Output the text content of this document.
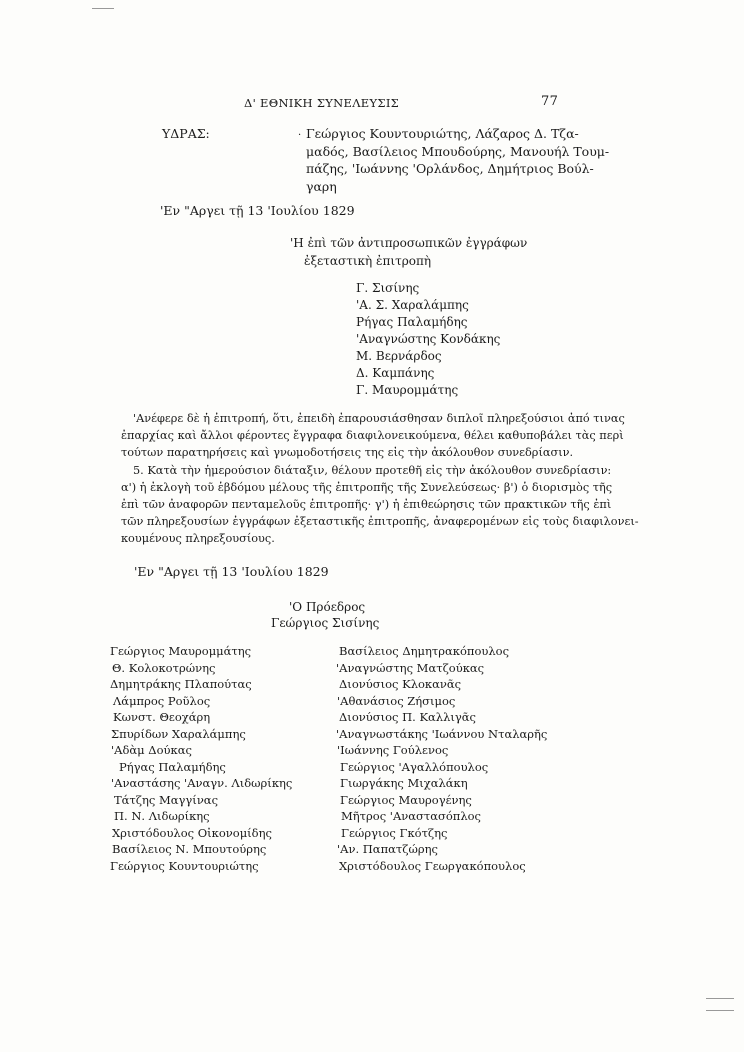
Δ' ΕΘΝΙΚΗ ΣΥΝΕΛΕΥΣΙΣ	77
ΥΔΡΑΣ:	Γεώργιος Κουντουριώτης, Λάζαρος Δ. Τζα-
μαδός, Βασίλειος Μπουδούρης, Μανουήλ Τουμ-
πάζης, 'Ιωάννης 'Ορλάνδος, Δημήτριος Βούλ-
γαρη
·
'Εν "Αργει τῇ 13 'Ιουλίου 1829
'Η ἐπὶ τῶν ἀντιπροσωπικῶν ἐγγράφων
ἐξεταστικὴ ἐπιτροπὴ
Γ. Σισίνης
'Α. Σ. Χαραλάμπης
Ρήγας Παλαμήδης
'Αναγνώστης Κονδάκης
Μ. Βερνάρδος
Δ. Καμπάνης
Γ. Μαυρομμάτης
'Ανέφερε δὲ ἡ ἐπιτροπή, ὅτι, ἐπειδὴ ἐπαρουσιάσθησαν διπλοῖ πληρεξούσιοι ἀπό τινας
ἐπαρχίας καὶ ἄλλοι φέροντες ἔγγραφα διαφιλονεικούμενα, θέλει καθυποβάλει τὰς περὶ
τούτων παρατηρήσεις καὶ γνωμοδοτήσεις της εἰς τὴν ἀκόλουθον συνεδρίασιν.
5. Κατὰ τὴν ἡμερούσιον διάταξιν, θέλουν προτεθῆ εἰς τὴν ἀκόλουθον συνεδρίασιν:
α') ἡ ἐκλογὴ τοῦ ἑβδόμου μέλους τῆς ἐπιτροπῆς τῆς Συνελεύσεως· β') ὁ διορισμὸς τῆς
ἐπὶ τῶν ἀναφορῶν πενταμελοῦς ἐπιτροπῆς· γ') ἡ ἐπιθεώρησις τῶν πρακτικῶν τῆς ἐπὶ
τῶν πληρεξουσίων ἐγγράφων ἐξεταστικῆς ἐπιτροπῆς, ἀναφερομένων εἰς τοὺς διαφιλονει-
κουμένους πληρεξουσίους.
'Εν "Αργει τῇ 13 'Ιουλίου 1829
'Ο Πρόεδρος
Γεώργιος Σισίνης
Γεώργιος Μαυρομμάτης
Θ. Κολοκοτρώνης
Δημητράκης Πλαπούτας
Λάμπρος Ροῦλος
Κωνστ. Θεοχάρη
Σπυρίδων Χαραλάμπης
'Αδὰμ Δούκας
Ρήγας Παλαμήδης
'Αναστάσης 'Αναγν. Λιδωρίκης
Τάτζης Μαγγίνας
Π. Ν. Λιδωρίκης
Χριστόδουλος Οἰκονομίδης
Βασίλειος Ν. Μπουτούρης
Γεώργιος Κουντουριώτης
Βασίλειος Δημητρακόπουλος
'Αναγνώστης Ματζούκας
Διονύσιος Κλοκανᾶς
'Αθανάσιος Ζήσιμος
Διονύσιος Π. Καλλιγᾶς
'Αναγνωστάκης 'Ιωάννου Νταλαρῆς
'Ιωάννης Γούλενος
Γεώργιος 'Αγαλλόπουλος
Γιωργάκης Μιχαλάκη
Γεώργιος Μαυρογένης
Μῆτρος 'Αναστασόπλος
Γεώργιος Γκότζης
'Αν. Παπατζώρης
Χριστόδουλος Γεωργακόπουλος
